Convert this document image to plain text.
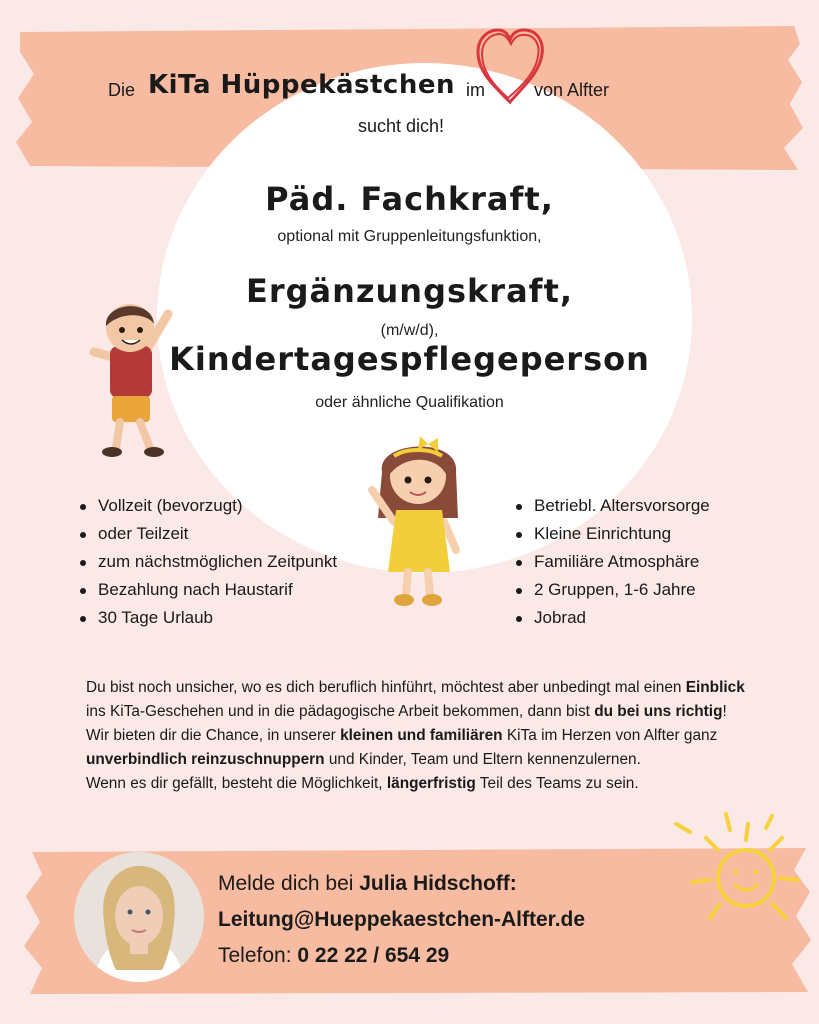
Die KiTa Hüppekästchen im	von Alfter
sucht dich!
Päd. Fachkraft,
optional mit Gruppenleitungsfunktion,
Ergänzungskraft,
(m/w/d),
Kindertagespflegeperson
oder ähnliche Qualifikation
Vollzeit (bevorzugt)
oder Teilzeit
zum nächstmöglichen Zeitpunkt
Bezahlung nach Haustarif
30 Tage Urlaub
Betriebl. Altersvorsorge
Kleine Einrichtung
Familiäre Atmosphäre
2 Gruppen, 1-6 Jahre
Jobrad

Du bist noch unsicher, wo es dich beruflich hinführt, möchtest aber unbedingt mal einen Einblick ins KiTa-Geschehen und in die pädagogische Arbeit bekommen, dann bist du bei uns richtig!

Wir bieten dir die Chance, in unserer kleinen und familiären KiTa im Herzen von Alfter ganz unverbindlich reinzuschnuppern und Kinder, Team und Eltern kennenzulernen.

Wenn es dir gefällt, besteht die Möglichkeit, längerfristig Teil des Teams zu sein.

Melde dich bei Julia Hidschoff:
Leitung@Hueppekaestchen-Alfter.de
Telefon: 0 22 22 / 654 29
